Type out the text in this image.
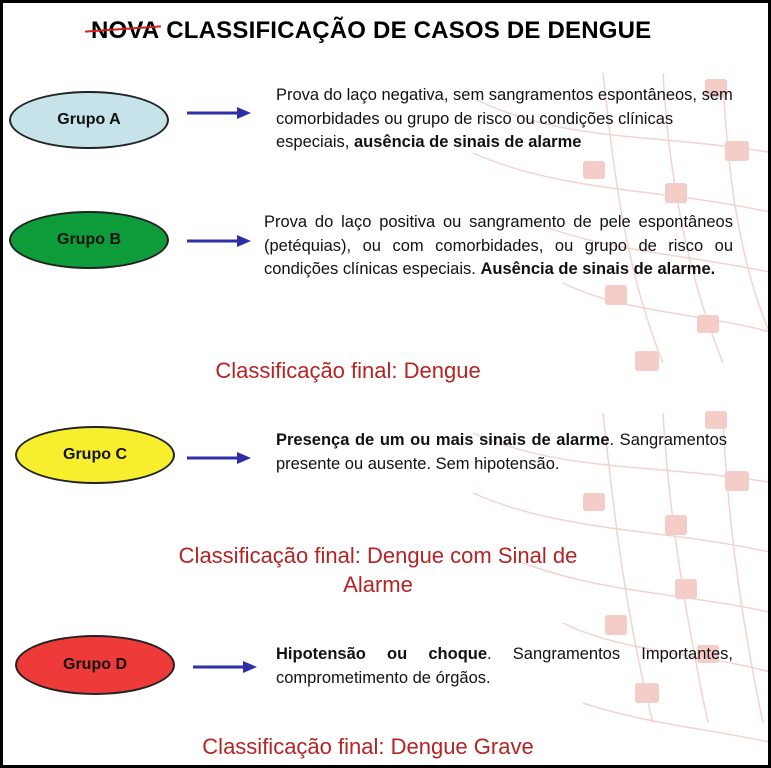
NOVA CLASSIFICAÇÃO DE CASOS DE DENGUE
Grupo A
Prova do laço negativa, sem sangramentos espontâneos, sem comorbidades ou grupo de risco ou condições clínicas especiais, ausência de sinais de alarme
Grupo B
Prova do laço positiva ou sangramento de pele espontâneos (petéquias), ou com comorbidades, ou grupo de risco ou condições clínicas especiais. Ausência de sinais de alarme.
Classificação final: Dengue
Grupo C
Presença de um ou mais sinais de alarme. Sangramentos presente ou ausente. Sem hipotensão.
Classificação final: Dengue com Sinal de Alarme
Grupo D
Hipotensão ou choque. Sangramentos Importantes, comprometimento de órgãos.
Classificação final: Dengue Grave
